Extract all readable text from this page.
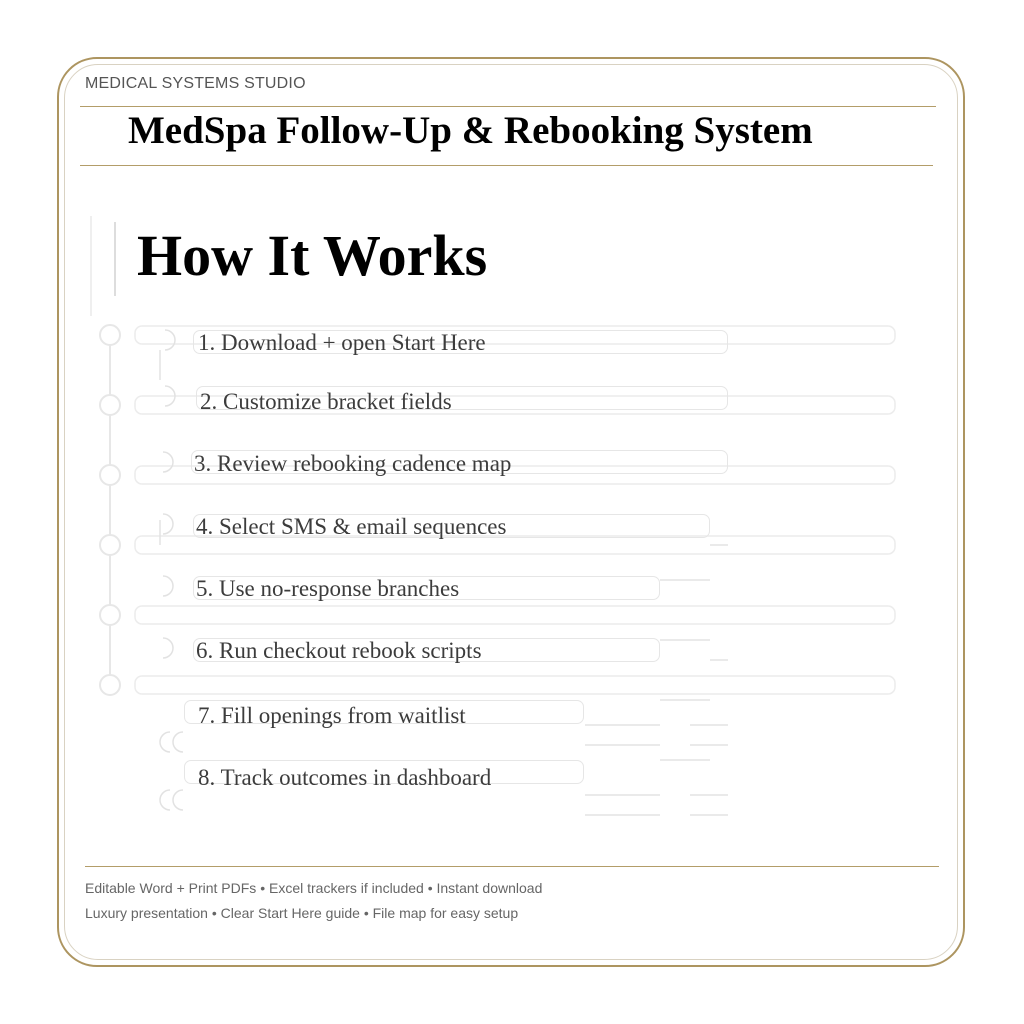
MEDICAL SYSTEMS STUDIO
MedSpa Follow-Up & Rebooking System
How It Works
1. Download + open Start Here
2. Customize bracket fields
3. Review rebooking cadence map
4. Select SMS & email sequences
5. Use no-response branches
6. Run checkout rebook scripts
7. Fill openings from waitlist
8. Track outcomes in dashboard
Editable Word + Print PDFs • Excel trackers if included • Instant download
Luxury presentation • Clear Start Here guide • File map for easy setup
